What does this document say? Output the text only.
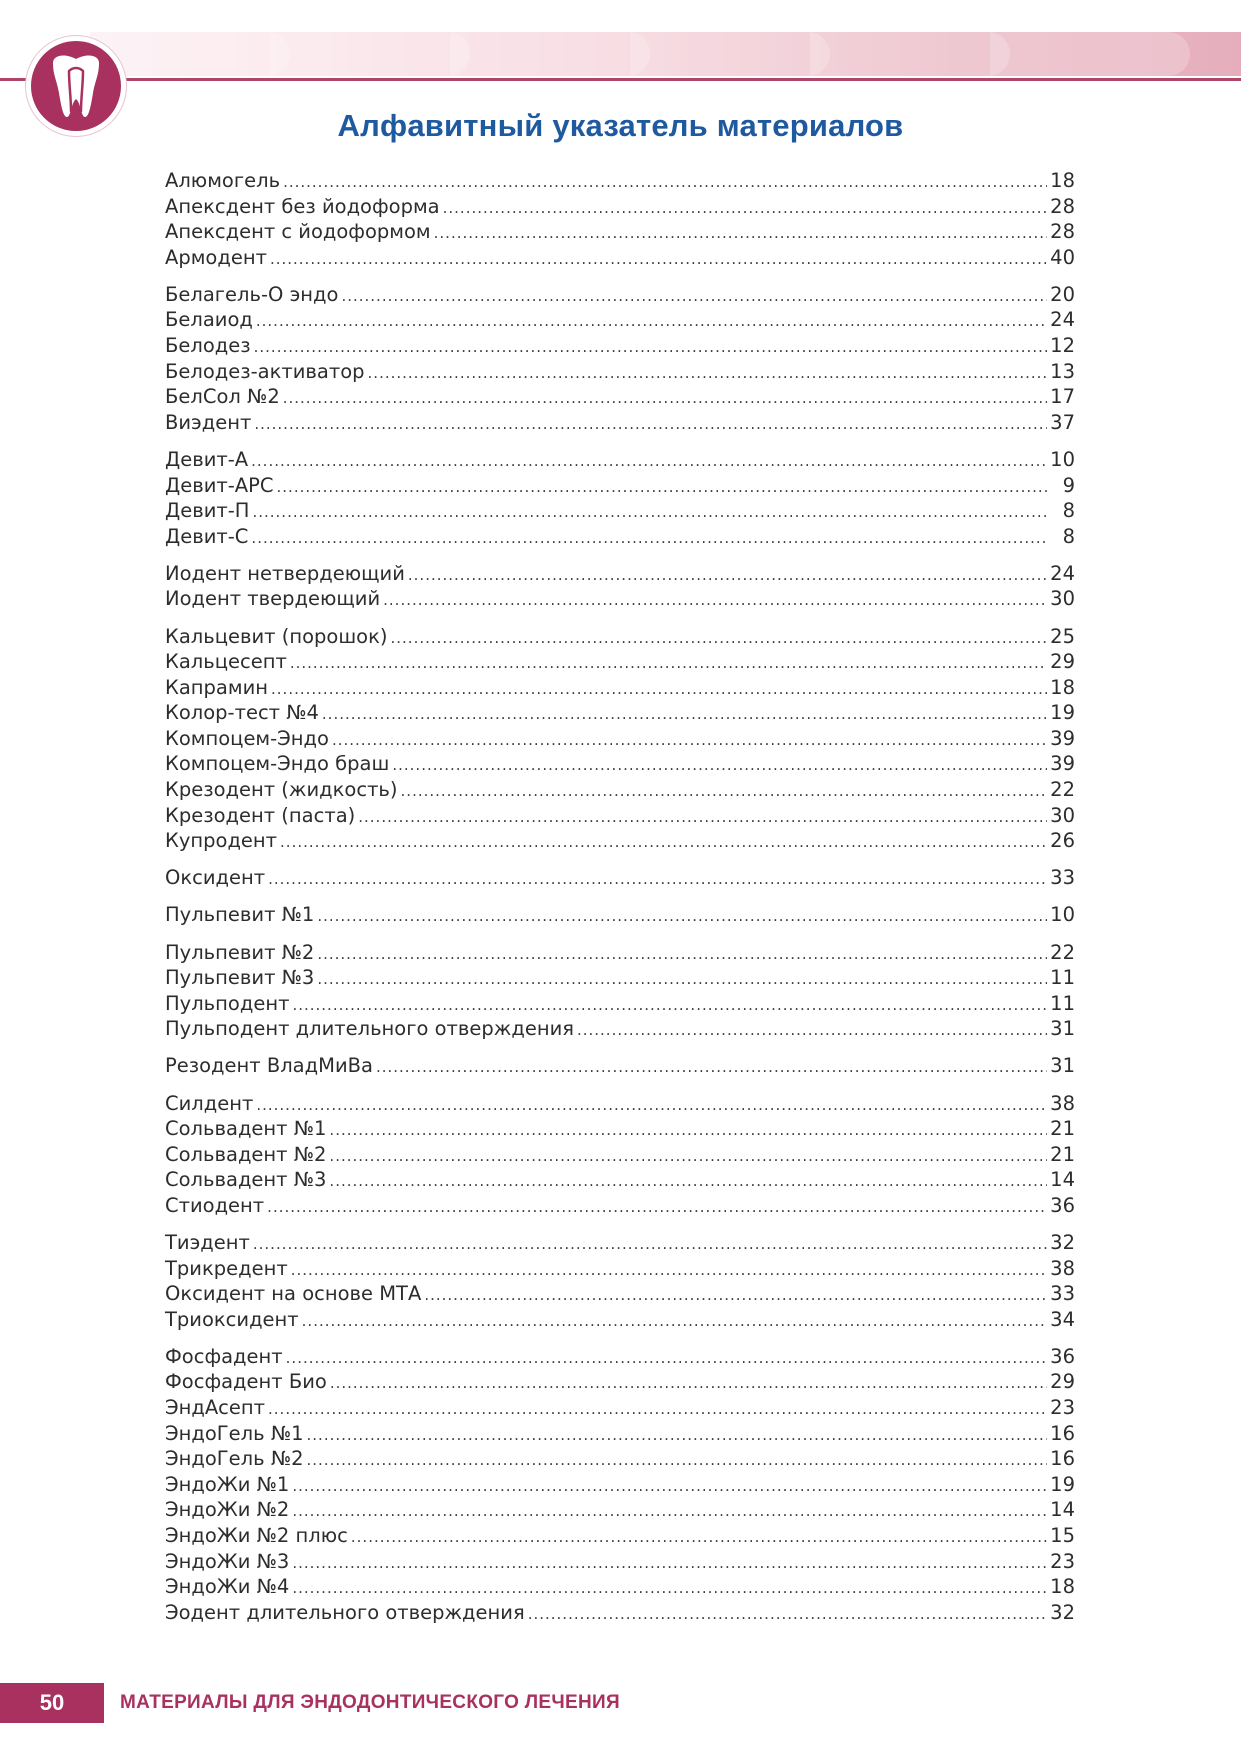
Алфавитный указатель материалов
Алюмогель .....	18
Апексдент без йодоформа .....	28
Апексдент с йодоформом .....	28
Армодент .....	40
Белагель-О эндо .....	20
Белаиод .....	24
Белодез .....	12
Белодез-активатор .....	13
БелСол №2 .....	17
Виэдент .....	37
Девит-А .....	10
Девит-АРС .....	9
Девит-П .....	8
Девит-С .....	8
Иодент нетвердеющий .....	24
Иодент твердеющий .....	30
Кальцевит (порошок) .....	25
Кальцесепт .....	29
Капрамин .....	18
Колор-тест №4 .....	19
Компоцем-Эндо .....	39
Компоцем-Эндо браш .....	39
Крезодент (жидкость) .....	22
Крезодент (паста) .....	30
Купродент .....	26
Оксидент .....	33
Пульпевит №1 .....	10
Пульпевит №2 .....	22
Пульпевит №3 .....	11
Пульподент .....	11
Пульподент длительного отверждения .....	31
Резодент ВладМиВа .....	31
Силдент .....	38
Сольвадент №1 .....	21
Сольвадент №2 .....	21
Сольвадент №3 .....	14
Стиодент .....	36
Тиэдент .....	32
Трикредент .....	38
Оксидент на основе МТА .....	33
Триоксидент .....	34
Фосфадент .....	36
Фосфадент Био .....	29
ЭндАсепт .....	23
ЭндоГель №1 .....	16
ЭндоГель №2 .....	16
ЭндоЖи №1 .....	19
ЭндоЖи №2 .....	14
ЭндоЖи №2 плюс .....	15
ЭндоЖи №3 .....	23
ЭндоЖи №4 .....	18
Эодент длительного отверждения .....	32
50	МАТЕРИАЛЫ ДЛЯ ЭНДОДОНТИЧЕСКОГО ЛЕЧЕНИЯ
